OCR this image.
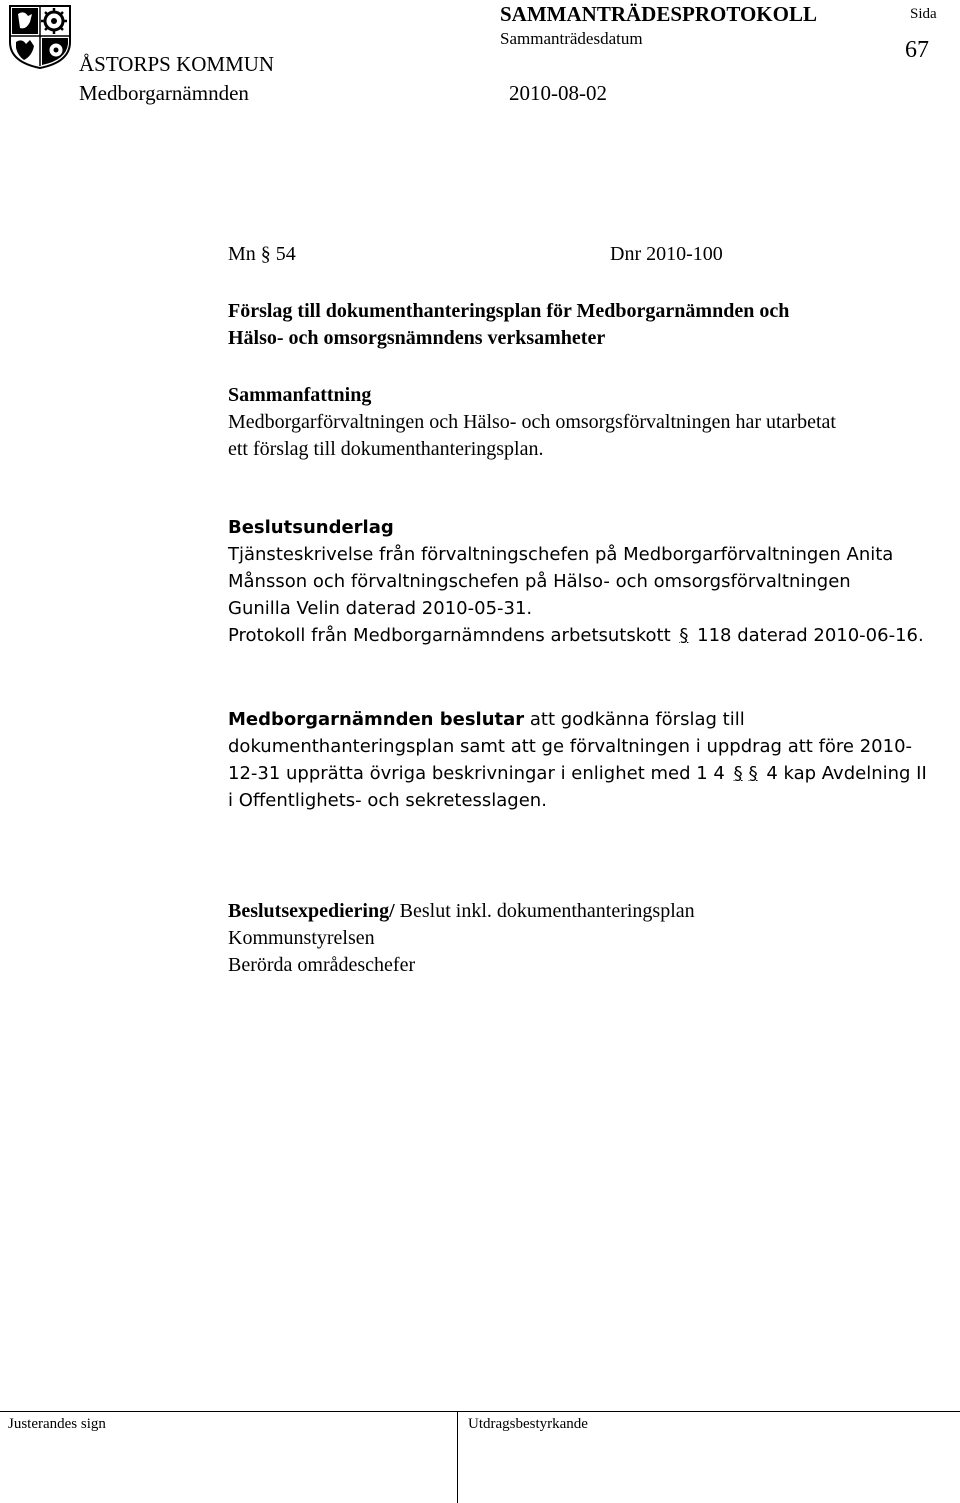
SAMMANTRÄDESPROTOKOLL	Sida
Sammanträdesdatum	67
ÅSTORPS KOMMUN
Medborgarnämnden	2010-08-02
Mn § 54	Dnr 2010-100
Förslag till dokumenthanteringsplan för Medborgarnämnden och
Hälso- och omsorgsnämndens verksamheter
Sammanfattning
Medborgarförvaltningen och Hälso- och omsorgsförvaltningen har utarbetat
ett förslag till dokumenthanteringsplan.
Beslutsunderlag
Tjänsteskrivelse från förvaltningschefen på Medborgarförvaltningen Anita
Månsson och förvaltningschefen på Hälso- och omsorgsförvaltningen
Gunilla Velin daterad 2010-05-31.
Protokoll från Medborgarnämndens arbetsutskott § 118 daterad 2010-06-16.
Medborgarnämnden beslutar att godkänna förslag till
dokumenthanteringsplan samt att ge förvaltningen i uppdrag att före 2010-
12-31 upprätta övriga beskrivningar i enlighet med 1 4 § § 4 kap Avdelning II
i Offentlighets- och sekretesslagen.
Beslutsexpediering/ Beslut inkl. dokumenthanteringsplan
Kommunstyrelsen
Berörda områdeschefer
Justerandes sign	Utdragsbestyrkande
